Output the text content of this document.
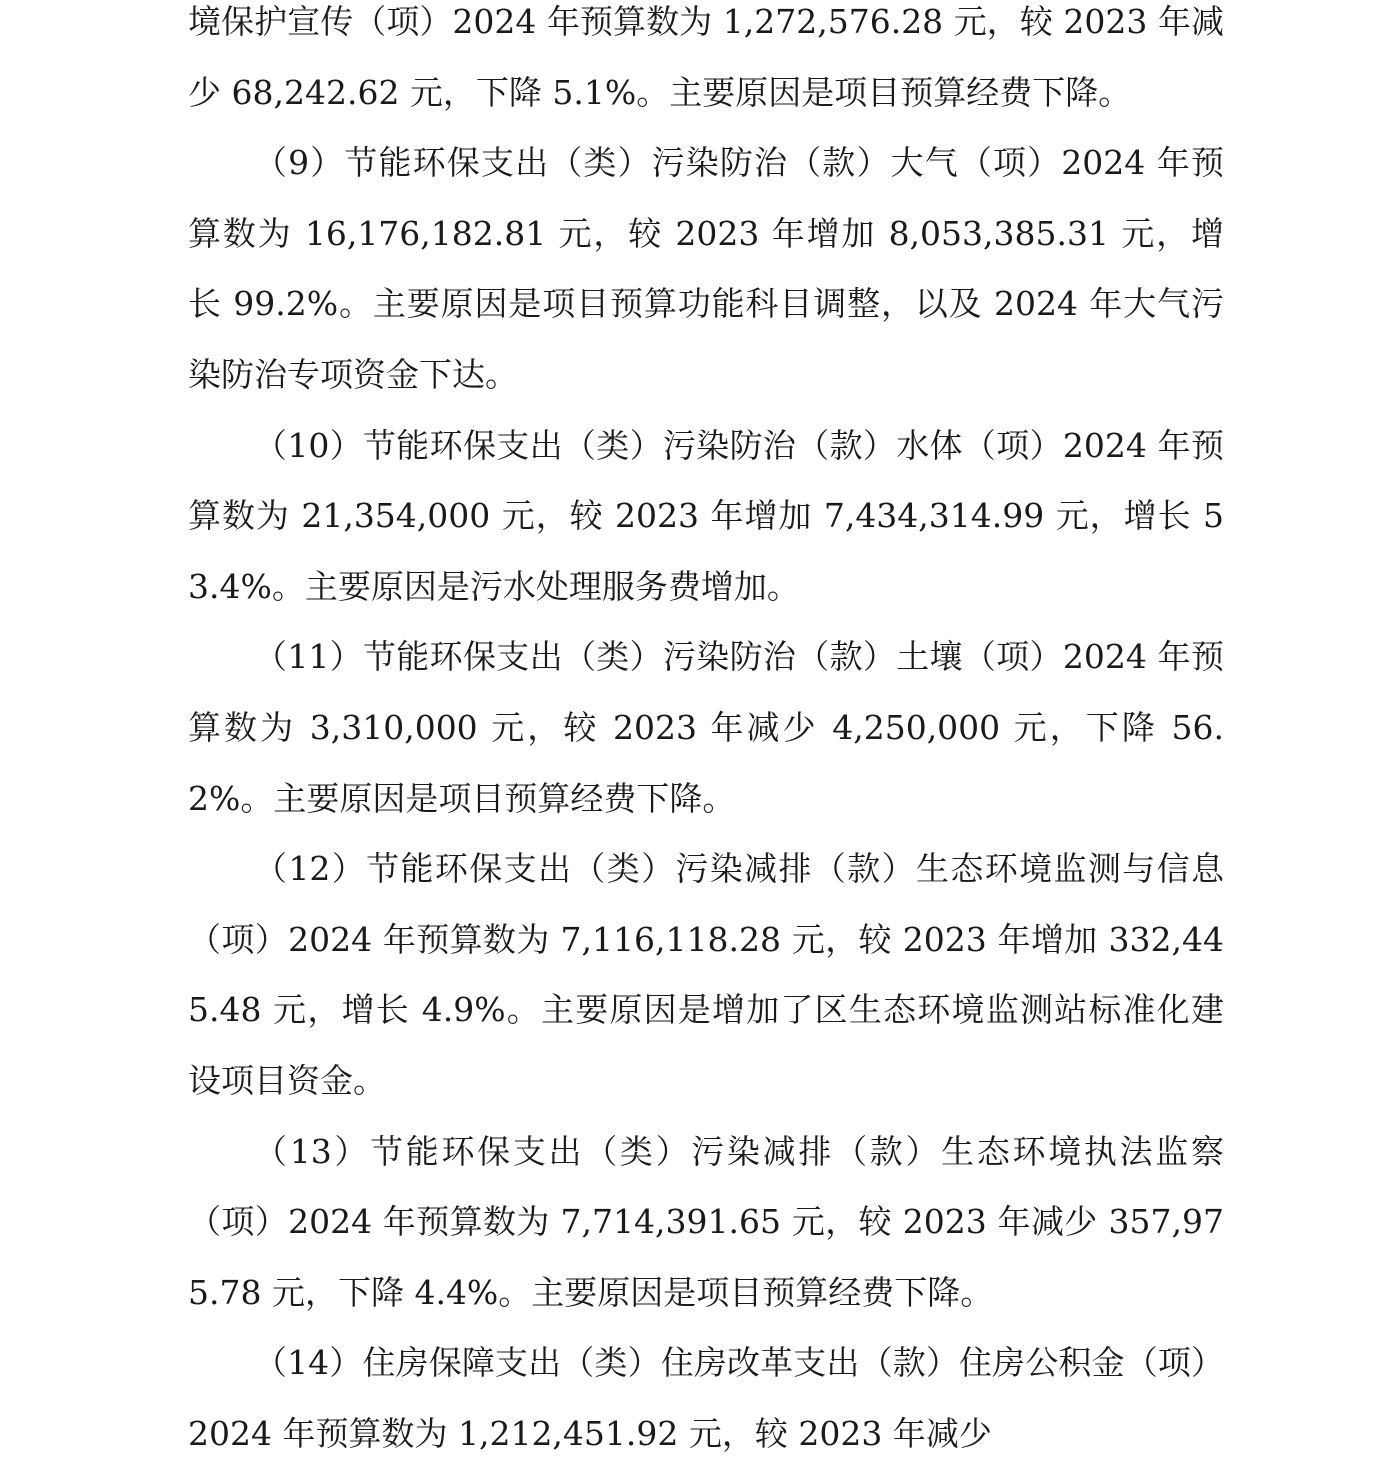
境保护宣传（项）2024 年预算数为 1,272,576.28 元，较 2023 年减少 68,242.62 元，下降 5.1%。主要原因是项目预算经费下降。

（9）节能环保支出（类）污染防治（款）大气（项）2024 年预算数为 16,176,182.81 元，较 2023 年增加 8,053,385.31 元，增长 99.2%。主要原因是项目预算功能科目调整，以及 2024 年大气污染防治专项资金下达。

（10）节能环保支出（类）污染防治（款）水体（项）2024 年预算数为 21,354,000 元，较 2023 年增加 7,434,314.99 元，增长 53.4%。主要原因是污水处理服务费增加。

（11）节能环保支出（类）污染防治（款）土壤（项）2024 年预算数为 3,310,000 元，较 2023 年减少 4,250,000 元，下降 56.2%。主要原因是项目预算经费下降。

（12）节能环保支出（类）污染减排（款）生态环境监测与信息（项）2024 年预算数为 7,116,118.28 元，较 2023 年增加 332,445.48 元，增长 4.9%。主要原因是增加了区生态环境监测站标准化建设项目资金。

（13）节能环保支出（类）污染减排（款）生态环境执法监察（项）2024 年预算数为 7,714,391.65 元，较 2023 年减少 357,975.78 元，下降 4.4%。主要原因是项目预算经费下降。

（14）住房保障支出（类）住房改革支出（款）住房公积金（项）2024 年预算数为 1,212,451.92 元，较 2023 年减少
